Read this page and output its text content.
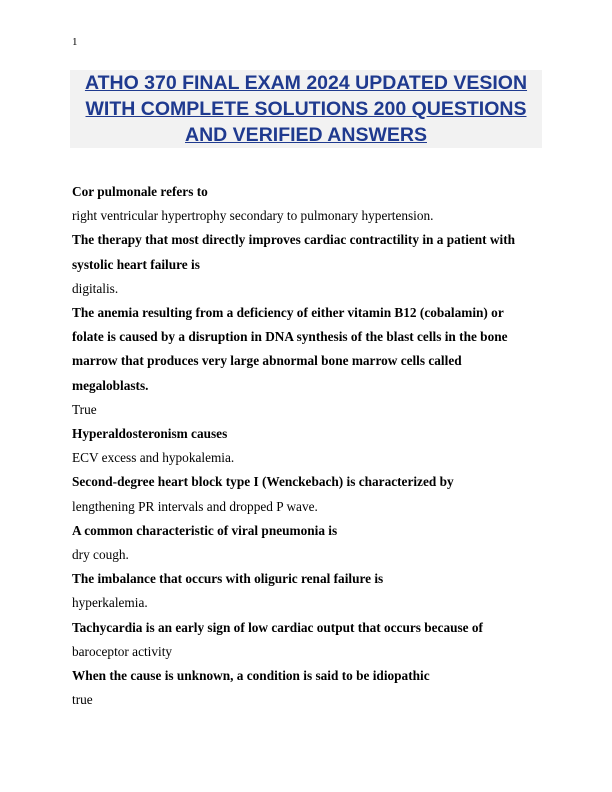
1
ATHO 370 FINAL EXAM 2024 UPDATED VESION
WITH COMPLETE SOLUTIONS 200 QUESTIONS
AND VERIFIED ANSWERS
Cor pulmonale refers to
right ventricular hypertrophy secondary to pulmonary hypertension.
The therapy that most directly improves cardiac contractility in a patient with
systolic heart failure is
digitalis.
The anemia resulting from a deficiency of either vitamin B12 (cobalamin) or
folate is caused by a disruption in DNA synthesis of the blast cells in the bone
marrow that produces very large abnormal bone marrow cells called
megaloblasts.
True
Hyperaldosteronism causes
ECV excess and hypokalemia.
Second-degree heart block type I (Wenckebach) is characterized by
lengthening PR intervals and dropped P wave.
A common characteristic of viral pneumonia is
dry cough.
The imbalance that occurs with oliguric renal failure is
hyperkalemia.
Tachycardia is an early sign of low cardiac output that occurs because of
baroceptor activity
When the cause is unknown, a condition is said to be idiopathic
true
